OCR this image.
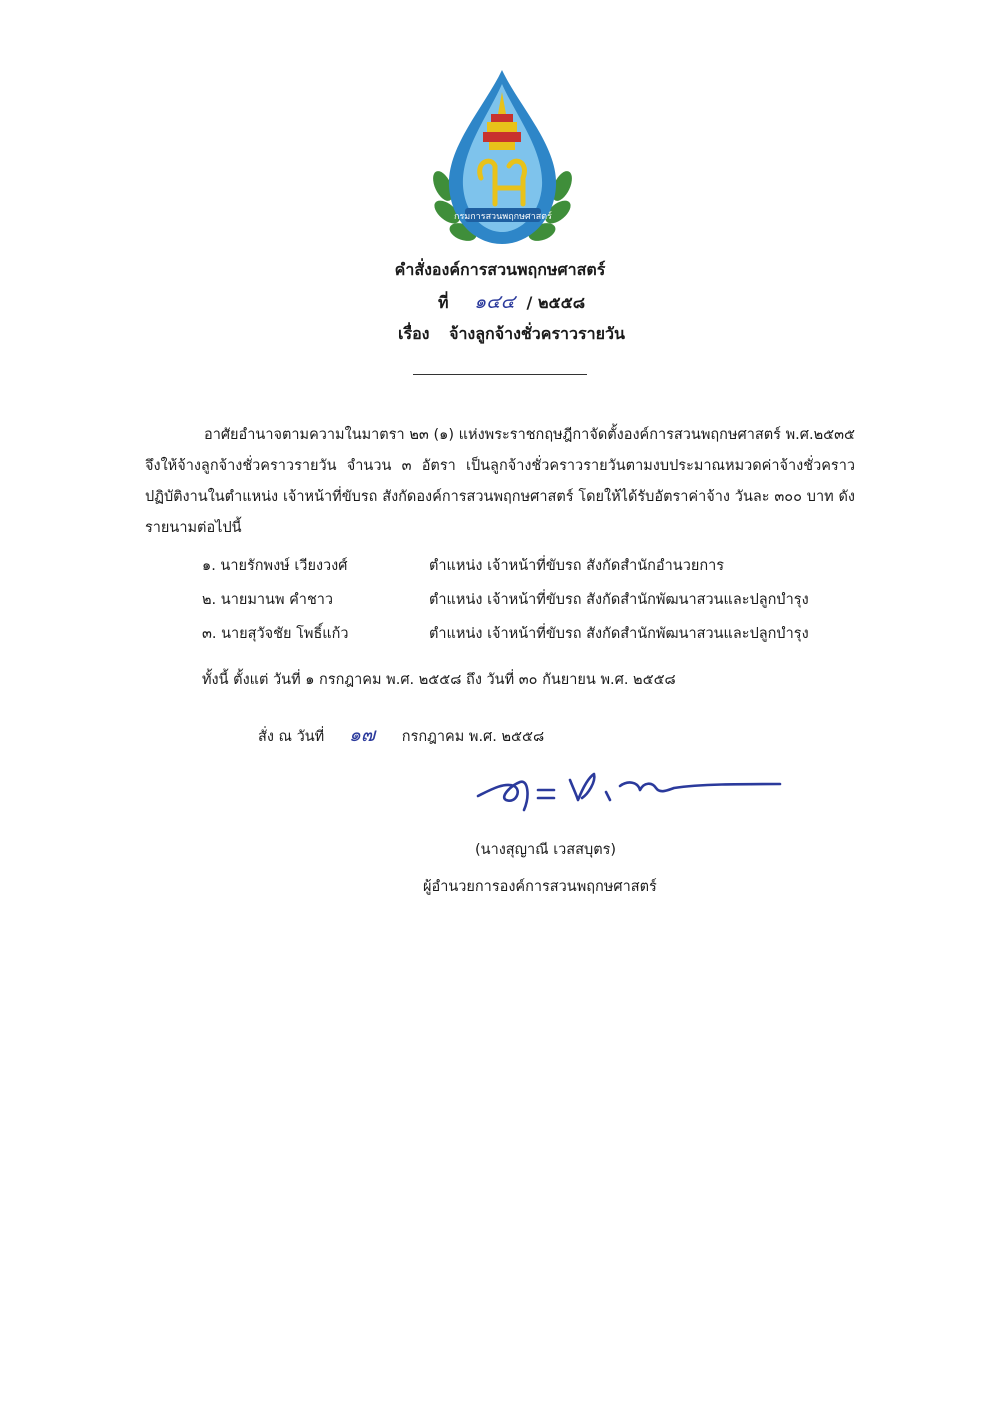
กรมการสวนพฤกษศาสตร์
คำสั่งองค์การสวนพฤกษศาสตร์
ที่ ๑๔๔ / ๒๕๕๘
เรื่อง จ้างลูกจ้างชั่วคราวรายวัน
อาศัยอำนาจตามความในมาตรา ๒๓ (๑) แห่งพระราชกฤษฎีกาจัดตั้งองค์การสวนพฤกษศาสตร์ พ.ศ.๒๕๓๕ จึงให้จ้างลูกจ้างชั่วคราวรายวัน จำนวน ๓ อัตรา เป็นลูกจ้างชั่วคราวรายวันตามงบประมาณหมวดค่าจ้างชั่วคราว ปฏิบัติงานในตำแหน่ง เจ้าหน้าที่ขับรถ สังกัดองค์การสวนพฤกษศาสตร์ โดยให้ได้รับอัตราค่าจ้าง วันละ ๓๐๐ บาท ดังรายนามต่อไปนี้
๑. นายรักพงษ์ เวียงวงศ์	ตำแหน่ง เจ้าหน้าที่ขับรถ สังกัดสำนักอำนวยการ
๒. นายมานพ คำชาว	ตำแหน่ง เจ้าหน้าที่ขับรถ สังกัดสำนักพัฒนาสวนและปลูกบำรุง
๓. นายสุวัจชัย โพธิ์แก้ว	ตำแหน่ง เจ้าหน้าที่ขับรถ สังกัดสำนักพัฒนาสวนและปลูกบำรุง
ทั้งนี้ ตั้งแต่ วันที่ ๑ กรกฎาคม พ.ศ. ๒๕๕๘ ถึง วันที่ ๓๐ กันยายน พ.ศ. ๒๕๕๘
สั่ง ณ วันที่ ๑๗ กรกฎาคม พ.ศ. ๒๕๕๘
(นางสุญาณี เวสสบุตร)
ผู้อำนวยการองค์การสวนพฤกษศาสตร์
